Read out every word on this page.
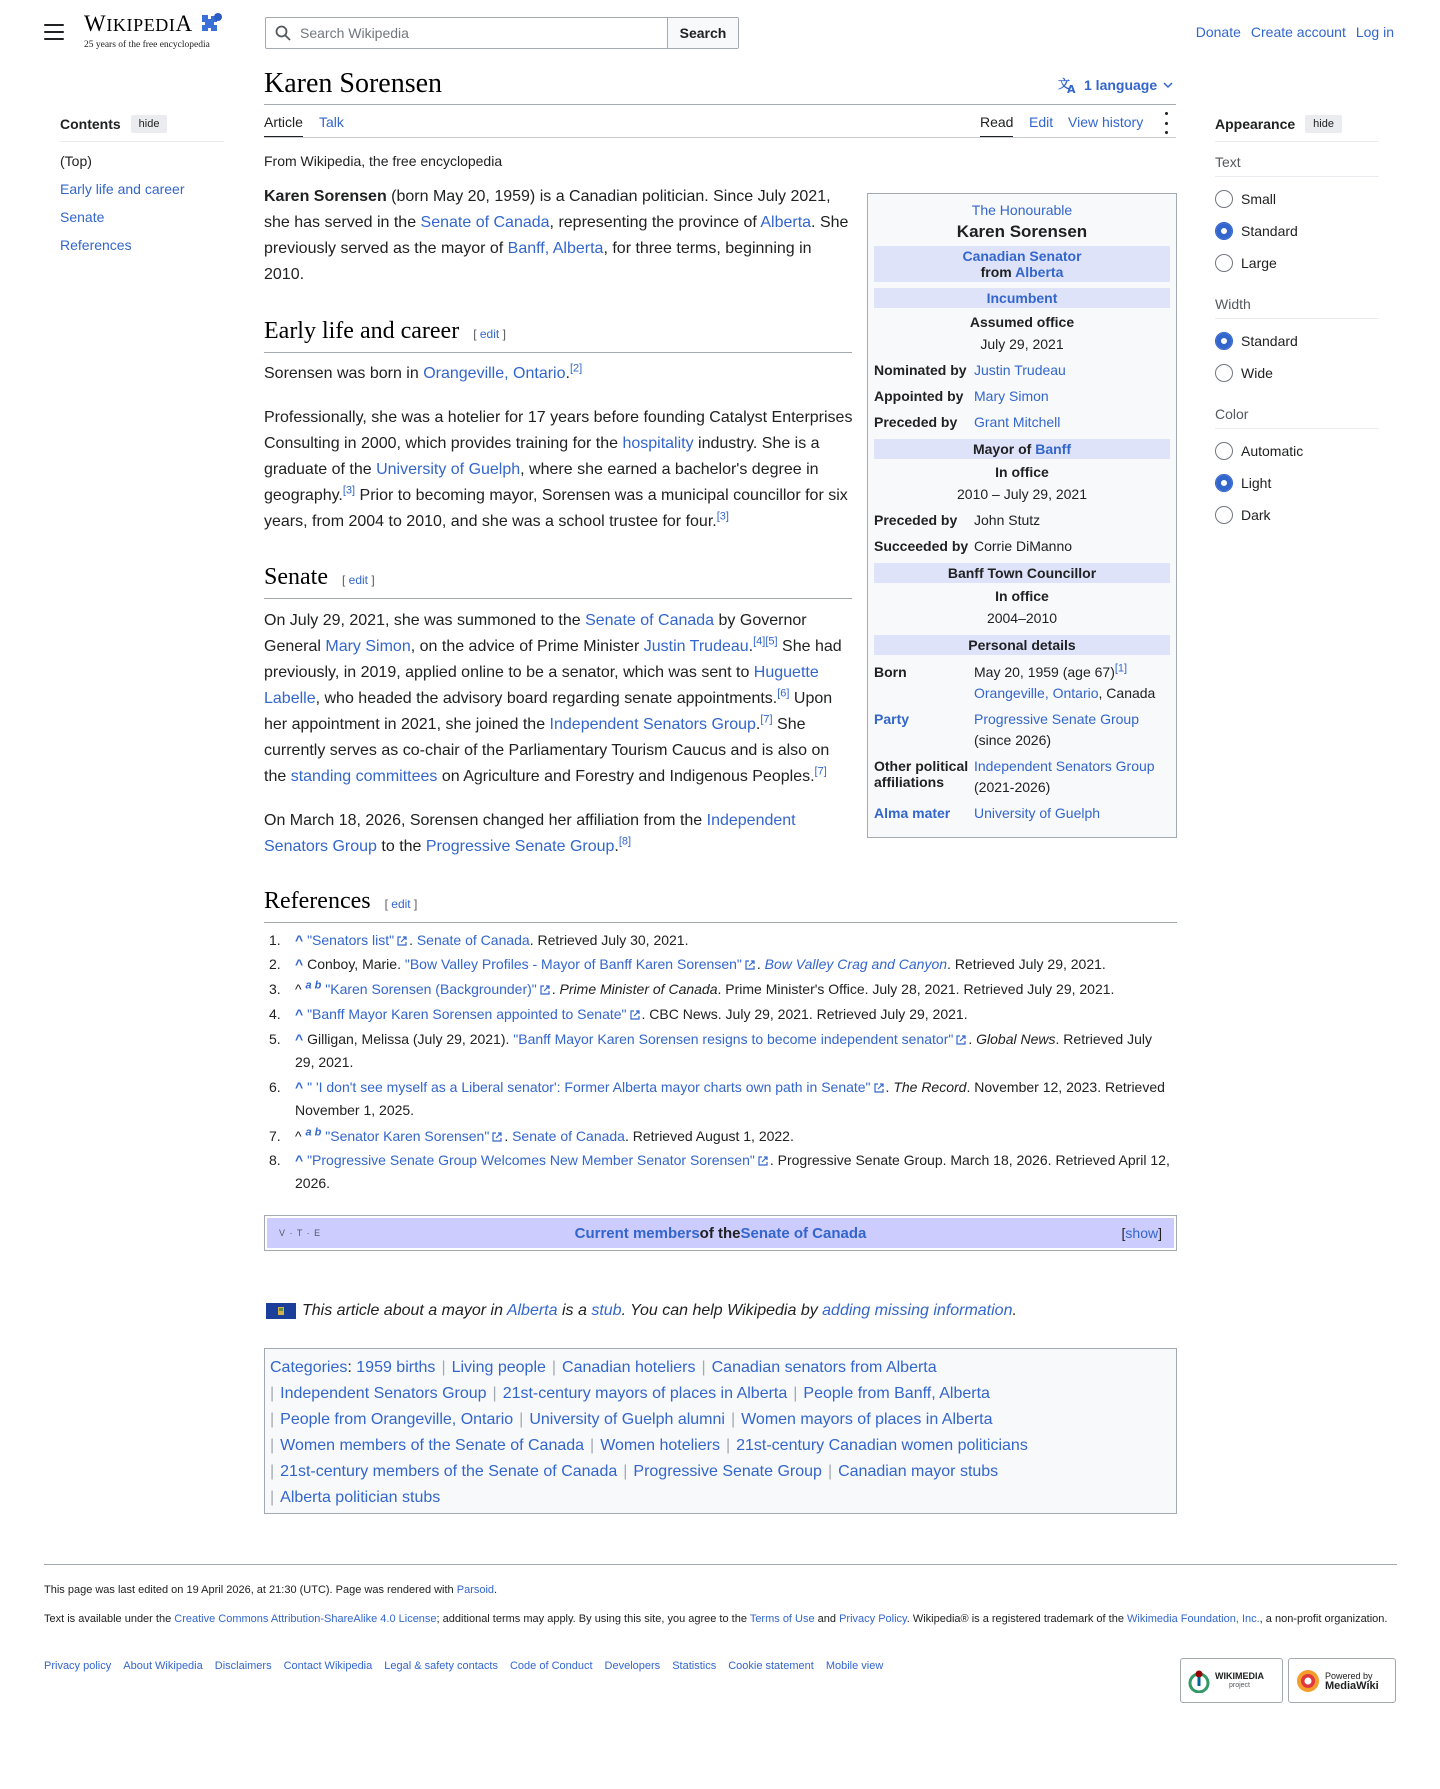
WIKIPEDIA
25 years of the free encyclopedia
Search Wikipedia
Search	Donate Create account Log in
Karen Sorensen	文
A 1 language
Article Talk	Read Edit View history
Contents	hide
(Top)
Early life and career
Senate
References
Appearance	hide
Text
Small
Standard
Large
Width
Standard
Wide
Color
Automatic
Light
Dark
From Wikipedia, the free encyclopedia
Karen Sorensen (born May 20, 1959) is a Canadian politician. Since July 2021, she has served in the Senate of Canada, representing the province of Alberta. She previously served as the mayor of Banff, Alberta, for three terms, beginning in 2010.
Early life and career [ edit ]
Sorensen was born in Orangeville, Ontario.[2]
Professionally, she was a hotelier for 17 years before founding Catalyst Enterprises Consulting in 2000, which provides training for the hospitality industry. She is a graduate of the University of Guelph, where she earned a bachelor's degree in geography.[3] Prior to becoming mayor, Sorensen was a municipal councillor for six years, from 2004 to 2010, and she was a school trustee for four.[3]
Senate [ edit ]
On July 29, 2021, she was summoned to the Senate of Canada by Governor General Mary Simon, on the advice of Prime Minister Justin Trudeau.[4][5] She had previously, in 2019, applied online to be a senator, which was sent to Huguette Labelle, who headed the advisory board regarding senate appointments.[6] Upon her appointment in 2021, she joined the Independent Senators Group.[7] She currently serves as co-chair of the Parliamentary Tourism Caucus and is also on the standing committees on Agriculture and Forestry and Indigenous Peoples.[7]
On March 18, 2026, Sorensen changed her affiliation from the Independent Senators Group to the Progressive Senate Group.[8]
The Honourable
Karen Sorensen
Canadian Senator
from Alberta
Incumbent
Assumed office
July 29, 2021
Nominated by Justin Trudeau
Appointed by Mary Simon
Preceded by Grant Mitchell
Mayor of Banff
In office
2010 – July 29, 2021
Preceded by John Stutz
Succeeded by Corrie DiManno
Banff Town Councillor
In office
2004–2010
Personal details
Born	May 20, 1959 (age 67)[1]
Orangeville, Ontario, Canada
Party	Progressive Senate Group
(since 2026)
Other political
affiliations
Independent Senators Group
(2021-2026)
Alma mater University of Guelph
References [ edit ]
1. ^ "Senators list" . Senate of Canada. Retrieved July 30, 2021.
2. ^ Conboy, Marie. "Bow Valley Profiles - Mayor of Banff Karen Sorensen" . Bow Valley Crag and Canyon. Retrieved July 29, 2021.
3. ^ $^{a b}$ "Karen Sorensen (Backgrounder)" . Prime Minister of Canada. Prime Minister's Office. July 28, 2021. Retrieved July 29, 2021.
4. ^ "Banff Mayor Karen Sorensen appointed to Senate" . CBC News. July 29, 2021. Retrieved July 29, 2021.
5. ^ Gilligan, Melissa (July 29, 2021). "Banff Mayor Karen Sorensen resigns to become independent senator" . Global News. Retrieved July 29, 2021.
6. ^ " 'I don't see myself as a Liberal senator': Former Alberta mayor charts own path in Senate" . The Record. November 12, 2023. Retrieved November 1, 2025.
7. ^ $^{a b}$ "Senator Karen Sorensen" . Senate of Canada. Retrieved August 1, 2022.
8. ^ "Progressive Senate Group Welcomes New Member Senator Sorensen" . Progressive Senate Group. March 18, 2026. Retrieved April 12, 2026.
V · T · E	Current members of the Senate of Canada	[show]
This article about a mayor in Alberta is a stub. You can help Wikipedia by adding missing information.
Categories: 1959 births | Living people | Canadian hoteliers | Canadian senators from Alberta
| Independent Senators Group | 21st-century mayors of places in Alberta | People from Banff, Alberta
| People from Orangeville, Ontario | University of Guelph alumni | Women mayors of places in Alberta
| Women members of the Senate of Canada | Women hoteliers | 21st-century Canadian women politicians
| 21st-century members of the Senate of Canada | Progressive Senate Group | Canadian mayor stubs
| Alberta politician stubs
This page was last edited on 19 April 2026, at 21:30 (UTC). Page was rendered with Parsoid.
Text is available under the Creative Commons Attribution-ShareAlike 4.0 License; additional terms may apply. By using this site, you agree to the Terms of Use and Privacy Policy. Wikipedia® is a registered trademark of the Wikimedia Foundation, Inc., a non-profit organization.
Privacy policy About Wikipedia Disclaimers Contact Wikipedia Legal & safety contacts Code of Conduct Developers Statistics Cookie statement Mobile view
WIKIMEDIA
project
Powered by
MediaWiki
